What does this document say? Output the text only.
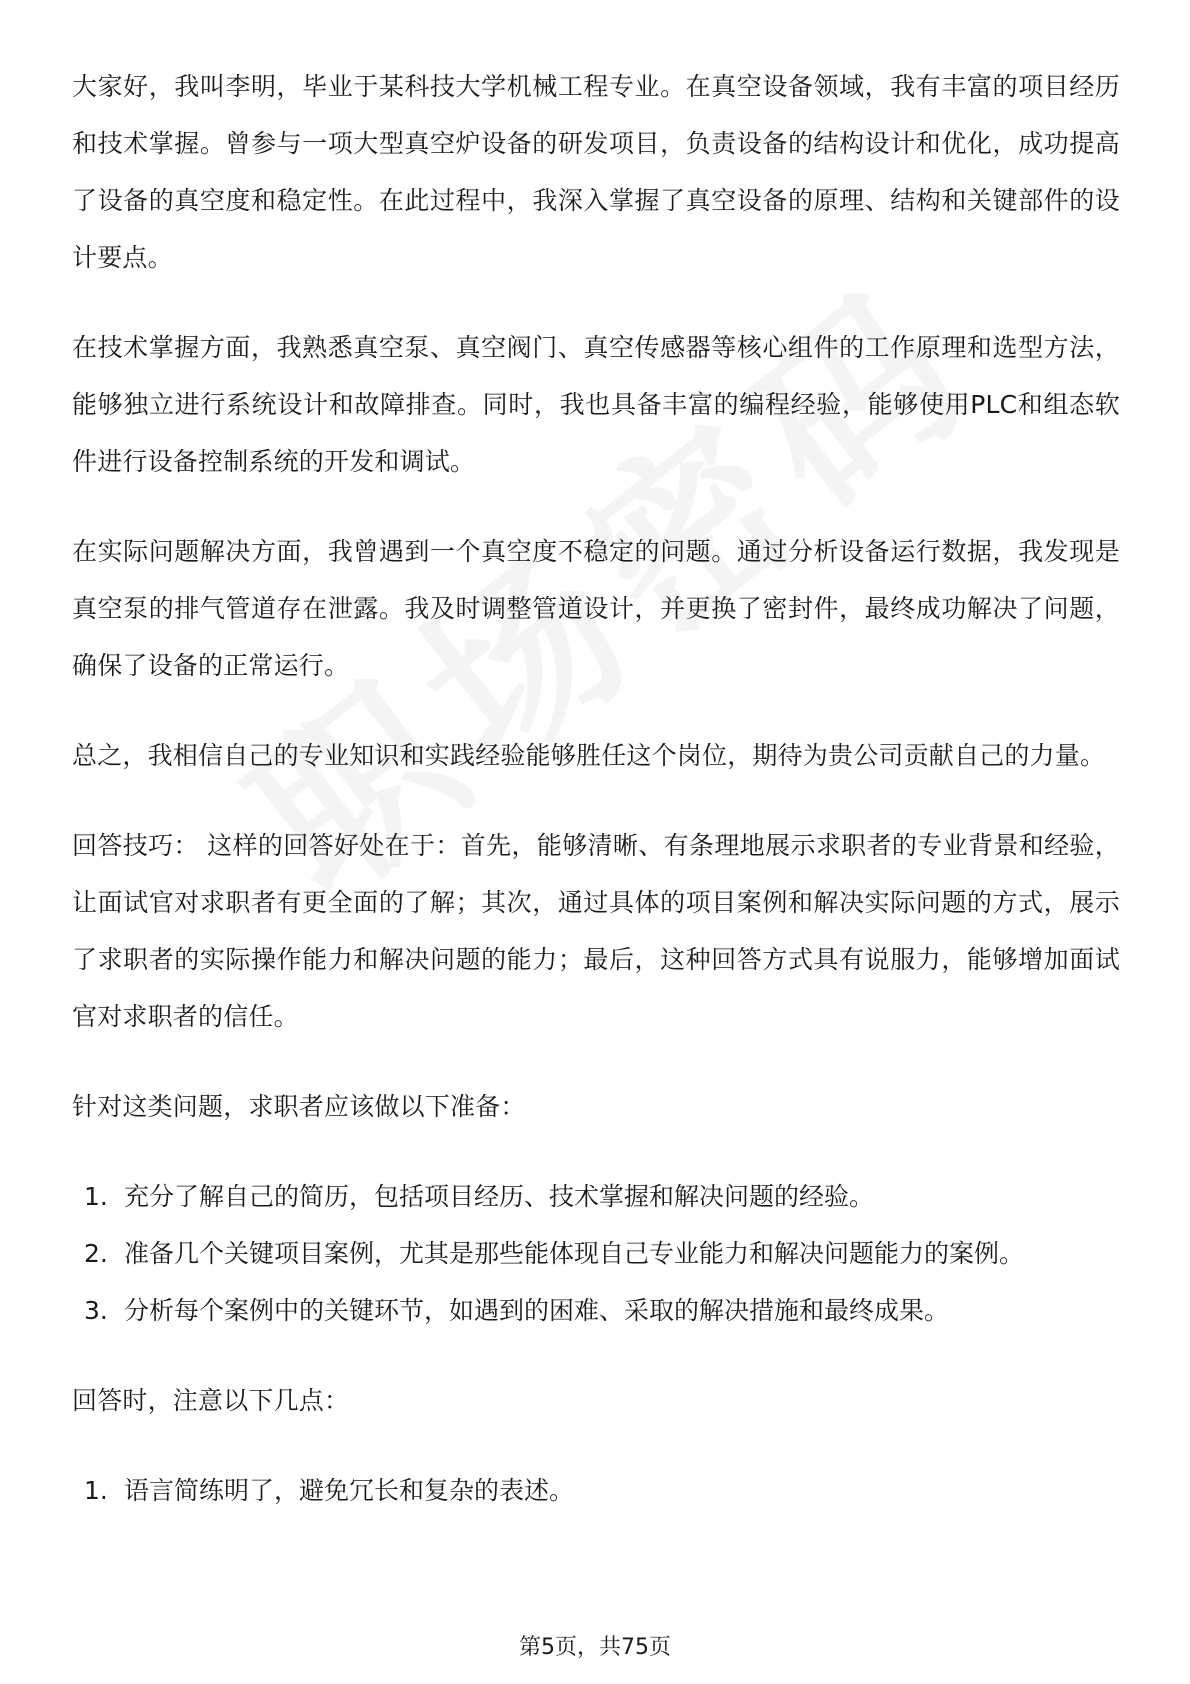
大家好，我叫李明，毕业于某科技大学机械工程专业。在真空设备领域，我有丰富的项目经历和技术掌握。曾参与一项大型真空炉设备的研发项目，负责设备的结构设计和优化，成功提高了设备的真空度和稳定性。在此过程中，我深入掌握了真空设备的原理、结构和关键部件的设计要点。

在技术掌握方面，我熟悉真空泵、真空阀门、真空传感器等核心组件的工作原理和选型方法，能够独立进行系统设计和故障排查。同时，我也具备丰富的编程经验，能够使用PLC和组态软件进行设备控制系统的开发和调试。

在实际问题解决方面，我曾遇到一个真空度不稳定的问题。通过分析设备运行数据，我发现是真空泵的排气管道存在泄露。我及时调整管道设计，并更换了密封件，最终成功解决了问题，确保了设备的正常运行。

总之，我相信自己的专业知识和实践经验能够胜任这个岗位，期待为贵公司贡献自己的力量。

回答技巧： 这样的回答好处在于：首先，能够清晰、有条理地展示求职者的专业背景和经验，让面试官对求职者有更全面的了解；其次，通过具体的项目案例和解决实际问题的方式，展示了求职者的实际操作能力和解决问题的能力；最后，这种回答方式具有说服力，能够增加面试官对求职者的信任。

针对这类问题，求职者应该做以下准备：

1. 充分了解自己的简历，包括项目经历、技术掌握和解决问题的经验。
2. 准备几个关键项目案例，尤其是那些能体现自己专业能力和解决问题能力的案例。
3. 分析每个案例中的关键环节，如遇到的困难、采取的解决措施和最终成果。

回答时，注意以下几点：

1. 语言简练明了，避免冗长和复杂的表述。
第5页，共75页
